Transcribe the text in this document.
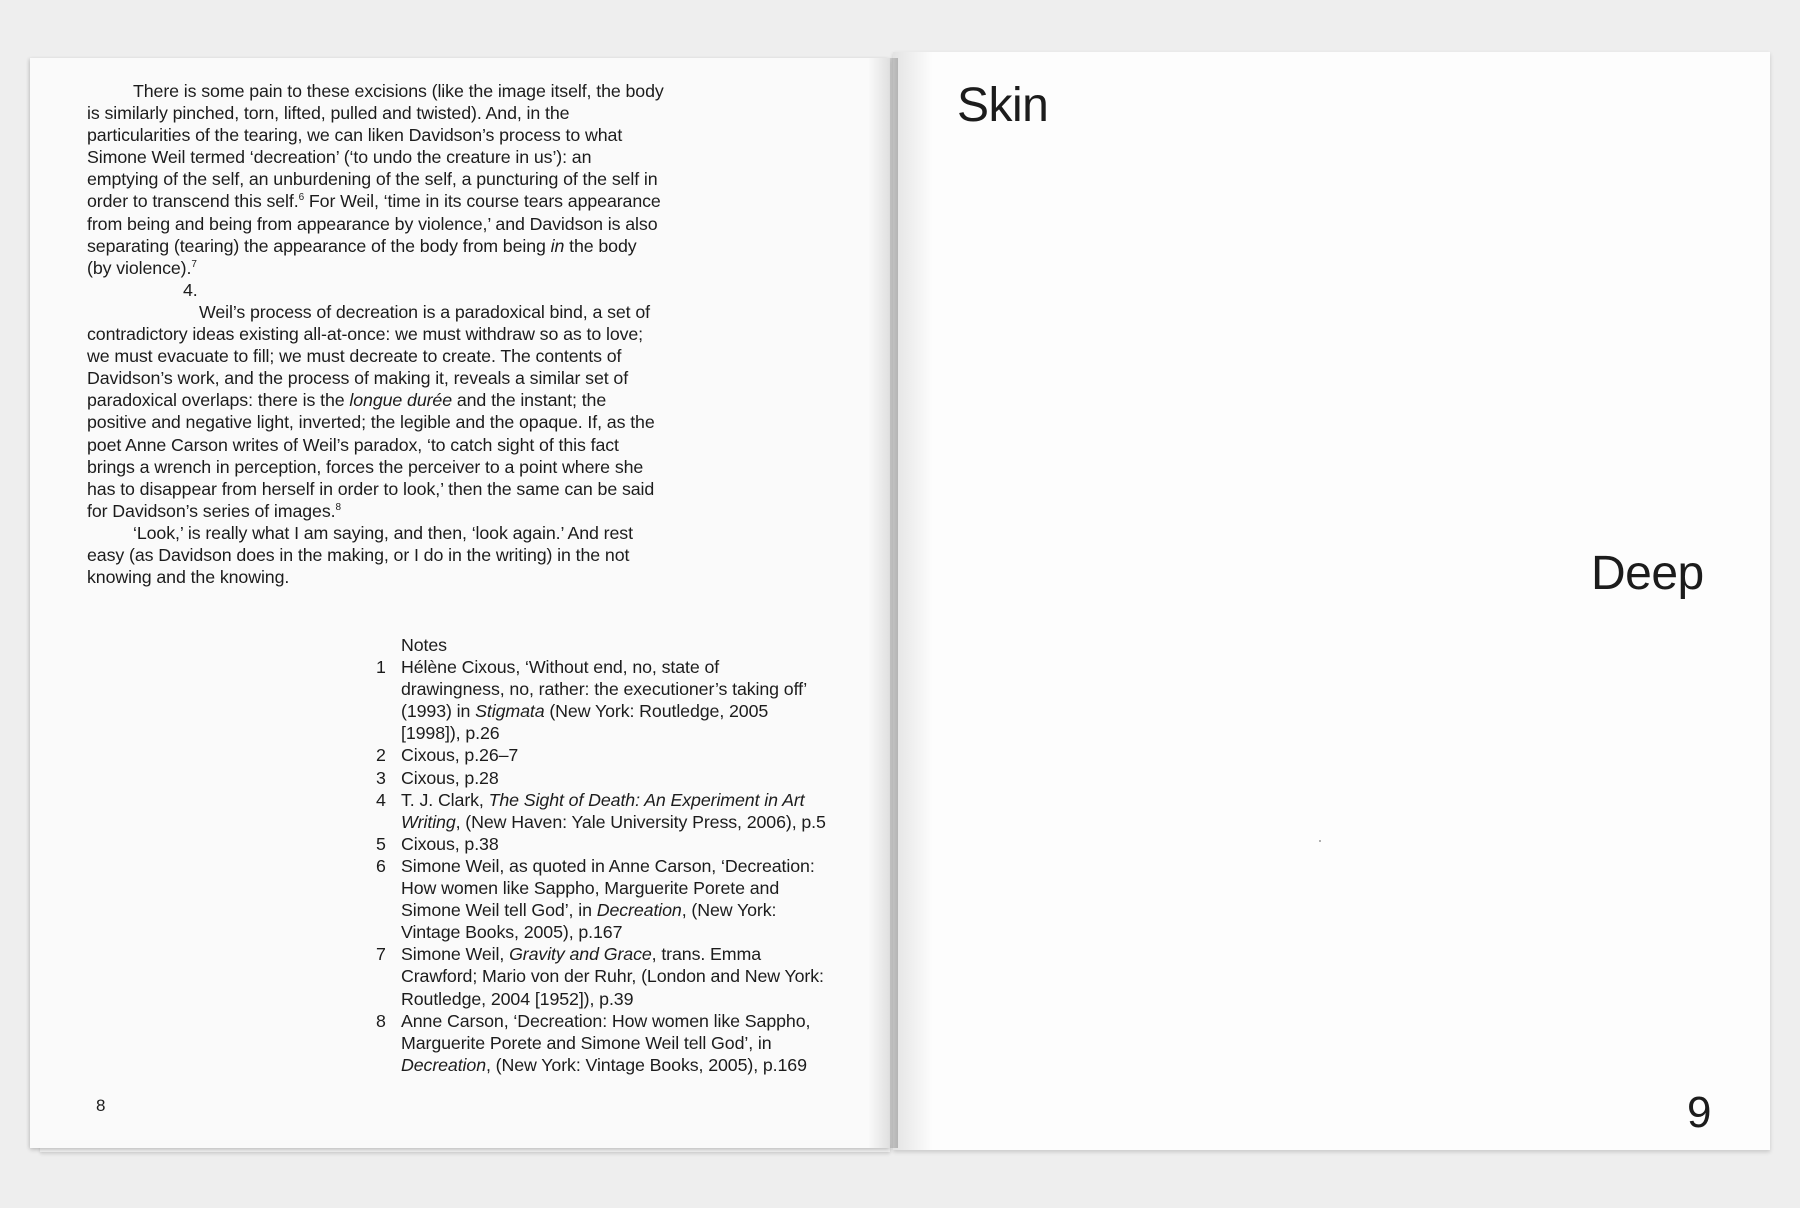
There is some pain to these excisions (like the image itself, the body is similarly pinched, torn, lifted, pulled and twisted). And, in the particularities of the tearing, we can liken Davidson’s process to what Simone Weil termed ‘decreation’ (‘to undo the creature in us’): an emptying of the self, an unburdening of the self, a puncturing of the self in order to transcend this self.$^6$ For Weil, ‘time in its course tears appearance from being and being from appearance by violence,’ and Davidson is also separating (tearing) the appearance of the body from being in the body (by violence).$^7$

4.

Weil’s process of decreation is a paradoxical bind, a set of contradictory ideas existing all-at-once: we must withdraw so as to love; we must evacuate to fill; we must decreate to create. The contents of Davidson’s work, and the process of making it, reveals a similar set of paradoxical overlaps: there is the longue durée and the instant; the positive and negative light, inverted; the legible and the opaque. If, as the poet Anne Carson writes of Weil’s paradox, ‘to catch sight of this fact brings a wrench in perception, forces the perceiver to a point where she has to disappear from herself in order to look,’ then the same can be said for Davidson’s series of images.$^8$

‘Look,’ is really what I am saying, and then, ‘look again.’ And rest easy (as Davidson does in the making, or I do in the writing) in the not knowing and the knowing.

Notes

1 Hélène Cixous, ‘Without end, no, state of drawingness, no, rather: the executioner’s taking off’ (1993) in Stigmata (New York: Routledge, 2005 [1998]), p.26
2 Cixous, p.26–7
3 Cixous, p.28
4 T. J. Clark, The Sight of Death: An Experiment in Art Writing, (New Haven: Yale University Press, 2006), p.5
5 Cixous, p.38
6 Simone Weil, as quoted in Anne Carson, ‘Decreation: How women like Sappho, Marguerite Porete and Simone Weil tell God’, in Decreation, (New York: Vintage Books, 2005), p.167
7 Simone Weil, Gravity and Grace, trans. Emma Crawford; Mario von der Ruhr, (London and New York: Routledge, 2004 [1952]), p.39
8 Anne Carson, ‘Decreation: How women like Sappho, Marguerite Porete and Simone Weil tell God’, in Decreation, (New York: Vintage Books, 2005), p.169
8
Skin
Deep
9
